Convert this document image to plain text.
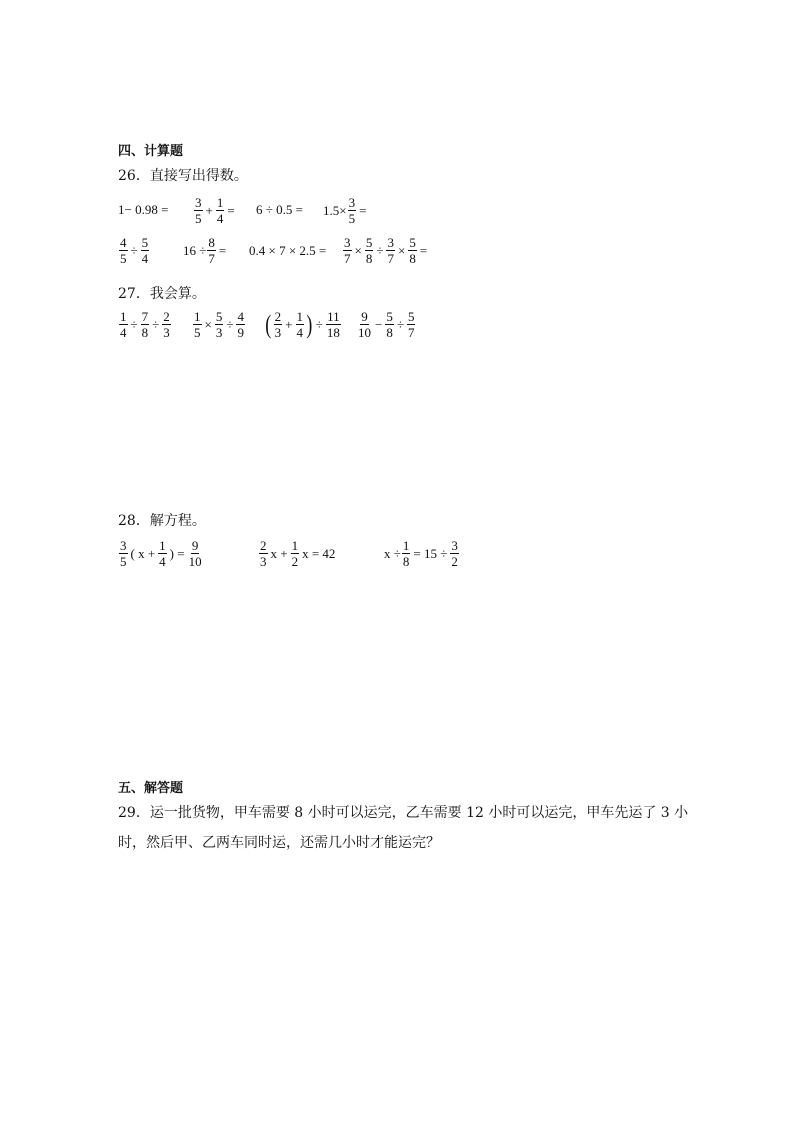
四、计算题
26．直接写出得数。
$1- 0.98 = \frac{3}{5} + \frac{1}{4} = 6 \div 0.5 = 1.5\times \frac{3}{5}$ =
$\frac{4}{5} \div \frac{5}{4}$	$16 \div \frac{8}{7} = 0.4 \times 7 \times 2.5 = \frac{3}{7} \times \frac{5}{8} \div \frac{3}{7} \times \frac{5}{8}$ =
27．我会算。
$\frac{1}{4} \div \frac{7}{8} \div \frac{2}{3} \frac{1}{5} \times \frac{5}{3} \div \frac{4}{9}$ ( $\frac{2}{3} + \frac{1}{4}$ ) ÷ $\frac{11}{18} \frac{9}{10} - \frac{5}{8} \div \frac{5}{7}$
28．解方程。
$\frac{3}{5}$ ( $x + \frac{1}{4}$ ) = $\frac{9}{10}$	$\frac{2}{3}$ $x + \frac{1}{2}$ x = 42	$x \div \frac{1}{8} = 15 \div \frac{3}{2}$
五、解答题
29．运一批货物，甲车需要 8 小时可以运完，乙车需要 12 小时可以运完，甲车先运了 3 小
时，然后甲、乙两车同时运，还需几小时才能运完？
